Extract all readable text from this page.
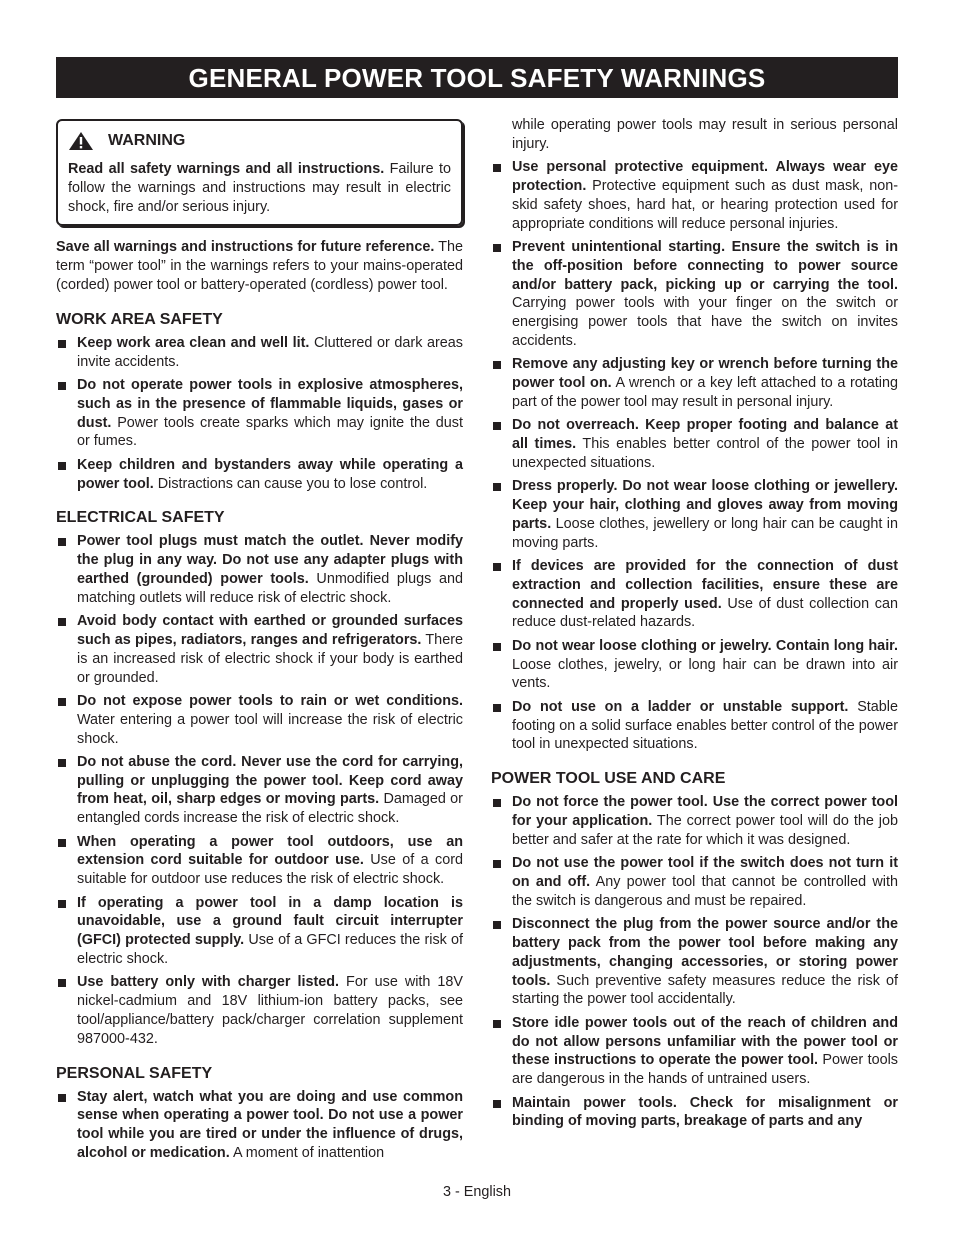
GENERAL POWER TOOL SAFETY WARNINGS
WARNING

Read all safety warnings and all instructions. Failure to follow the warnings and instructions may result in electric shock, fire and/or serious injury.

Save all warnings and instructions for future reference. The term “power tool” in the warnings refers to your mains-operated (corded) power tool or battery-operated (cordless) power tool.

WORK AREA SAFETY
Keep work area clean and well lit. Cluttered or dark areas invite accidents.
Do not operate power tools in explosive atmospheres, such as in the presence of flammable liquids, gases or dust. Power tools create sparks which may ignite the dust or fumes.
Keep children and bystanders away while operating a power tool. Distractions can cause you to lose control.
ELECTRICAL SAFETY
Power tool plugs must match the outlet. Never modify the plug in any way. Do not use any adapter plugs with earthed (grounded) power tools. Unmodified plugs and matching outlets will reduce risk of electric shock.
Avoid body contact with earthed or grounded surfaces such as pipes, radiators, ranges and refrigerators. There is an increased risk of electric shock if your body is earthed or grounded.
Do not expose power tools to rain or wet conditions. Water entering a power tool will increase the risk of electric shock.
Do not abuse the cord. Never use the cord for carrying, pulling or unplugging the power tool. Keep cord away from heat, oil, sharp edges or moving parts. Damaged or entangled cords increase the risk of electric shock.
When operating a power tool outdoors, use an extension cord suitable for outdoor use. Use of a cord suitable for outdoor use reduces the risk of electric shock.
If operating a power tool in a damp location is unavoidable, use a ground fault circuit interrupter (GFCI) protected supply. Use of a GFCI reduces the risk of electric shock.
Use battery only with charger listed. For use with 18V nickel-cadmium and 18V lithium-ion battery packs, see tool/appliance/battery pack/charger correlation supplement 987000-432.
PERSONAL SAFETY
Stay alert, watch what you are doing and use common sense when operating a power tool. Do not use a power tool while you are tired or under the influence of drugs, alcohol or medication. A moment of inattention

while operating power tools may result in serious personal injury.

Use personal protective equipment. Always wear eye protection. Protective equipment such as dust mask, non-skid safety shoes, hard hat, or hearing protection used for appropriate conditions will reduce personal injuries.
Prevent unintentional starting. Ensure the switch is in the off-position before connecting to power source and/or battery pack, picking up or carrying the tool. Carrying power tools with your finger on the switch or energising power tools that have the switch on invites accidents.
Remove any adjusting key or wrench before turning the power tool on. A wrench or a key left attached to a rotating part of the power tool may result in personal injury.
Do not overreach. Keep proper footing and balance at all times. This enables better control of the power tool in unexpected situations.
Dress properly. Do not wear loose clothing or jewellery. Keep your hair, clothing and gloves away from moving parts. Loose clothes, jewellery or long hair can be caught in moving parts.
If devices are provided for the connection of dust extraction and collection facilities, ensure these are connected and properly used. Use of dust collection can reduce dust-related hazards.
Do not wear loose clothing or jewelry. Contain long hair. Loose clothes, jewelry, or long hair can be drawn into air vents.
Do not use on a ladder or unstable support. Stable footing on a solid surface enables better control of the power tool in unexpected situations.
POWER TOOL USE AND CARE
Do not force the power tool. Use the correct power tool for your application. The correct power tool will do the job better and safer at the rate for which it was designed.
Do not use the power tool if the switch does not turn it on and off. Any power tool that cannot be controlled with the switch is dangerous and must be repaired.
Disconnect the plug from the power source and/or the battery pack from the power tool before making any adjustments, changing accessories, or storing power tools. Such preventive safety measures reduce the risk of starting the power tool accidentally.
Store idle power tools out of the reach of children and do not allow persons unfamiliar with the power tool or these instructions to operate the power tool. Power tools are dangerous in the hands of untrained users.
Maintain power tools. Check for misalignment or binding of moving parts, breakage of parts and any
3 - English
